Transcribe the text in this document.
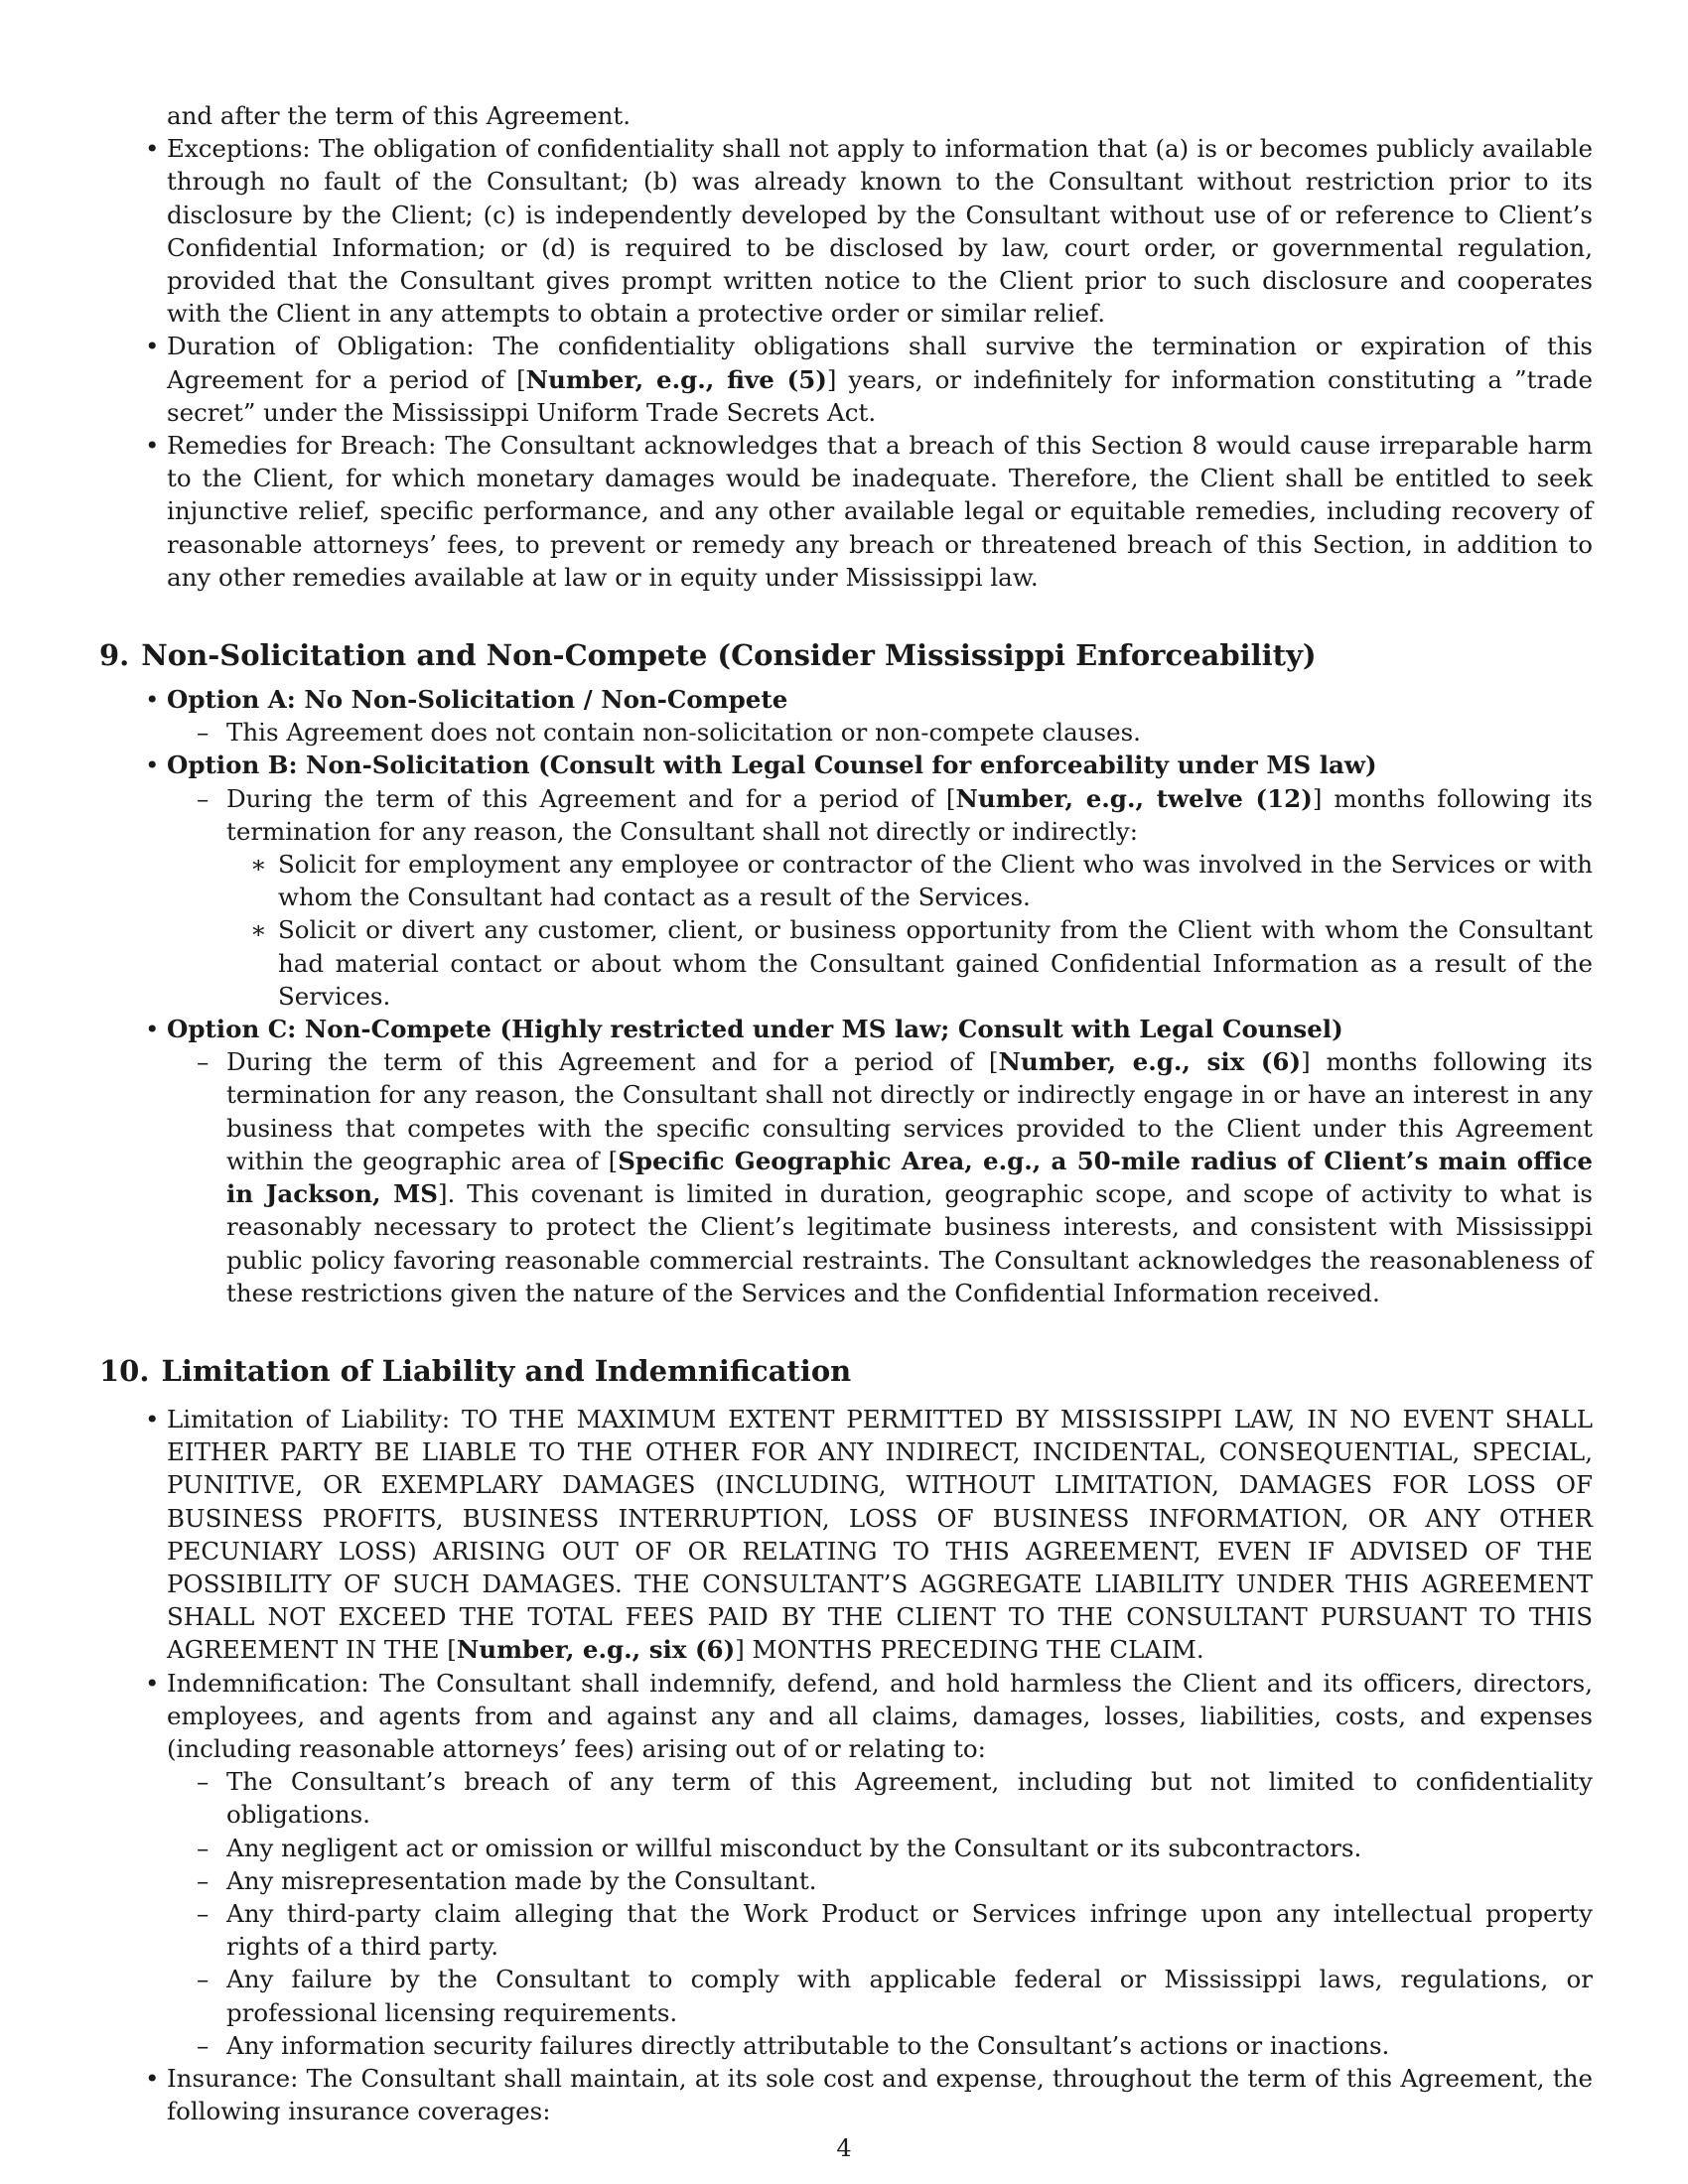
and after the term of this Agreement.

• Exceptions: The obligation of confidentiality shall not apply to information that (a) is or becomes publicly available through no fault of the Consultant; (b) was already known to the Consultant without restriction prior to its disclosure by the Client; (c) is independently developed by the Consultant without use of or reference to Client’s Confidential Information; or (d) is required to be disclosed by law, court order, or governmental regulation, provided that the Consultant gives prompt written notice to the Client prior to such disclosure and cooperates with the Client in any attempts to obtain a protective order or similar relief.
• Duration of Obligation: The confidentiality obligations shall survive the termination or expiration of this Agreement for a period of [Number, e.g., five (5)] years, or indefinitely for information constituting a ”trade secret” under the Mississippi Uniform Trade Secrets Act.
• Remedies for Breach: The Consultant acknowledges that a breach of this Section 8 would cause irreparable harm to the Client, for which monetary damages would be inadequate. Therefore, the Client shall be entitled to seek injunctive relief, specific performance, and any other available legal or equitable remedies, including recovery of reasonable attorneys’ fees, to prevent or remedy any breach or threatened breach of this Section, in addition to any other remedies available at law or in equity under Mississippi law.
9. Non-Solicitation and Non-Compete (Consider Mississippi Enforceability)
• Option A: No Non-Solicitation / Non-Compete
– This Agreement does not contain non-solicitation or non-compete clauses.
• Option B: Non-Solicitation (Consult with Legal Counsel for enforceability under MS law)
– During the term of this Agreement and for a period of [Number, e.g., twelve (12)] months following its termination for any reason, the Consultant shall not directly or indirectly:
∗ Solicit for employment any employee or contractor of the Client who was involved in the Services or with whom the Consultant had contact as a result of the Services.
∗ Solicit or divert any customer, client, or business opportunity from the Client with whom the Consultant had material contact or about whom the Consultant gained Confidential Information as a result of the Services.
• Option C: Non-Compete (Highly restricted under MS law; Consult with Legal Counsel)
– During the term of this Agreement and for a period of [Number, e.g., six (6)] months following its termination for any reason, the Consultant shall not directly or indirectly engage in or have an interest in any business that competes with the specific consulting services provided to the Client under this Agreement within the geographic area of [Specific Geographic Area, e.g., a 50-mile radius of Client’s main office in Jackson, MS]. This covenant is limited in duration, geographic scope, and scope of activity to what is reasonably necessary to protect the Client’s legitimate business interests, and consistent with Mississippi public policy favoring reasonable commercial restraints. The Consultant acknowledges the reasonableness of these restrictions given the nature of the Services and the Confidential Information received.
10. Limitation of Liability and Indemnification
• Limitation of Liability: TO THE MAXIMUM EXTENT PERMITTED BY MISSISSIPPI LAW, IN NO EVENT SHALL EITHER PARTY BE LIABLE TO THE OTHER FOR ANY INDIRECT, INCIDENTAL, CONSEQUENTIAL, SPECIAL, PUNITIVE, OR EXEMPLARY DAMAGES (INCLUDING, WITHOUT LIMITATION, DAMAGES FOR LOSS OF BUSINESS PROFITS, BUSINESS INTERRUPTION, LOSS OF BUSINESS INFORMATION, OR ANY OTHER PECUNIARY LOSS) ARISING OUT OF OR RELATING TO THIS AGREEMENT, EVEN IF ADVISED OF THE POSSIBILITY OF SUCH DAMAGES. THE CONSULTANT’S AGGREGATE LIABILITY UNDER THIS AGREEMENT SHALL NOT EXCEED THE TOTAL FEES PAID BY THE CLIENT TO THE CONSULTANT PURSUANT TO THIS AGREEMENT IN THE [Number, e.g., six (6)] MONTHS PRECEDING THE CLAIM.
• Indemnification: The Consultant shall indemnify, defend, and hold harmless the Client and its officers, directors, employees, and agents from and against any and all claims, damages, losses, liabilities, costs, and expenses (including reasonable attorneys’ fees) arising out of or relating to:
– The Consultant’s breach of any term of this Agreement, including but not limited to confidentiality obligations.
– Any negligent act or omission or willful misconduct by the Consultant or its subcontractors.
– Any misrepresentation made by the Consultant.
– Any third-party claim alleging that the Work Product or Services infringe upon any intellectual property rights of a third party.
– Any failure by the Consultant to comply with applicable federal or Mississippi laws, regulations, or professional licensing requirements.
– Any information security failures directly attributable to the Consultant’s actions or inactions.
• Insurance: The Consultant shall maintain, at its sole cost and expense, throughout the term of this Agreement, the following insurance coverages:
4
